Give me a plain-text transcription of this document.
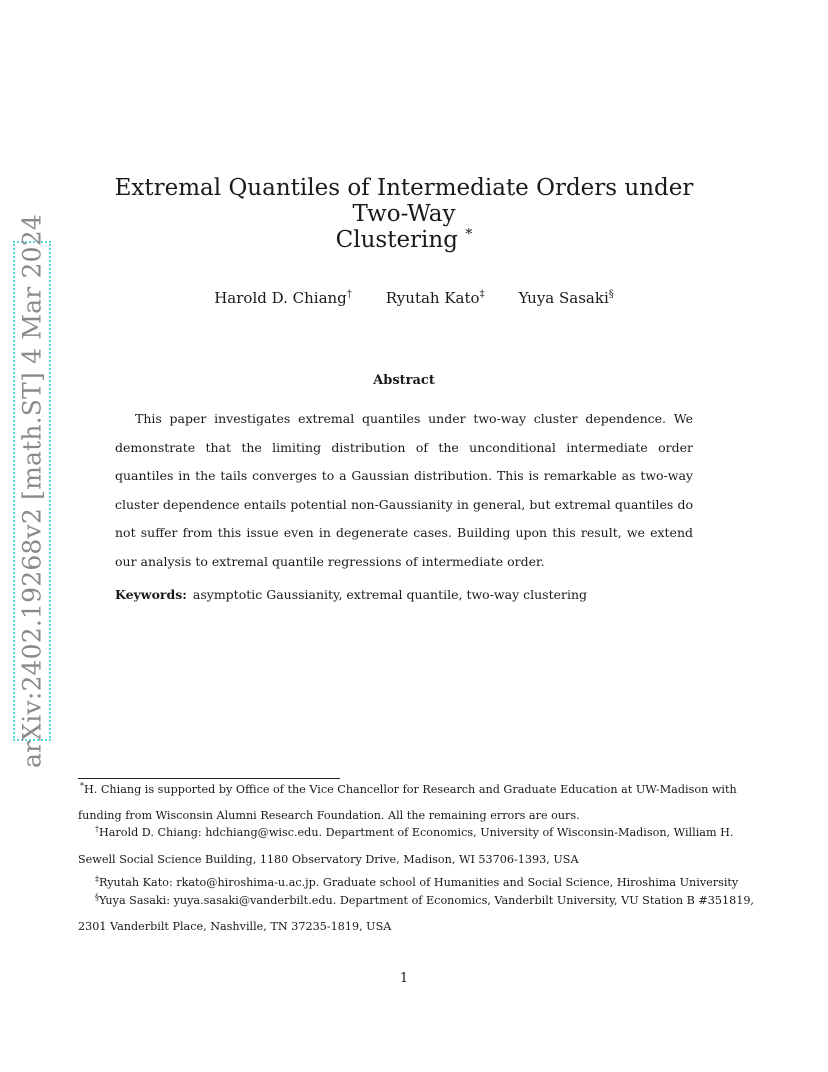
arXiv:2402.19268v2 [math.ST] 4 Mar 2024
Extremal Quantiles of Intermediate Orders under Two-Way
Clustering *
Harold D. Chiang† Ryutah Kato‡ Yuya Sasaki§
Abstract

This paper investigates extremal quantiles under two-way cluster dependence. We demonstrate that the limiting distribution of the unconditional intermediate order quantiles in the tails converges to a Gaussian distribution. This is remarkable as two-way cluster dependence entails potential non-Gaussianity in general, but extremal quantiles do not suffer from this issue even in degenerate cases. Building upon this result, we extend our analysis to extremal quantile regressions of intermediate order.

Keywords: asymptotic Gaussianity, extremal quantile, two-way clustering

*H. Chiang is supported by Office of the Vice Chancellor for Research and Graduate Education at UW-Madison with

funding from Wisconsin Alumni Research Foundation. All the remaining errors are ours.

†Harold D. Chiang: hdchiang@wisc.edu. Department of Economics, University of Wisconsin-Madison, William H.

Sewell Social Science Building, 1180 Observatory Drive, Madison, WI 53706-1393, USA

‡Ryutah Kato: rkato@hiroshima-u.ac.jp. Graduate school of Humanities and Social Science, Hiroshima University

§Yuya Sasaki: yuya.sasaki@vanderbilt.edu. Department of Economics, Vanderbilt University, VU Station B #351819,

2301 Vanderbilt Place, Nashville, TN 37235-1819, USA

1
